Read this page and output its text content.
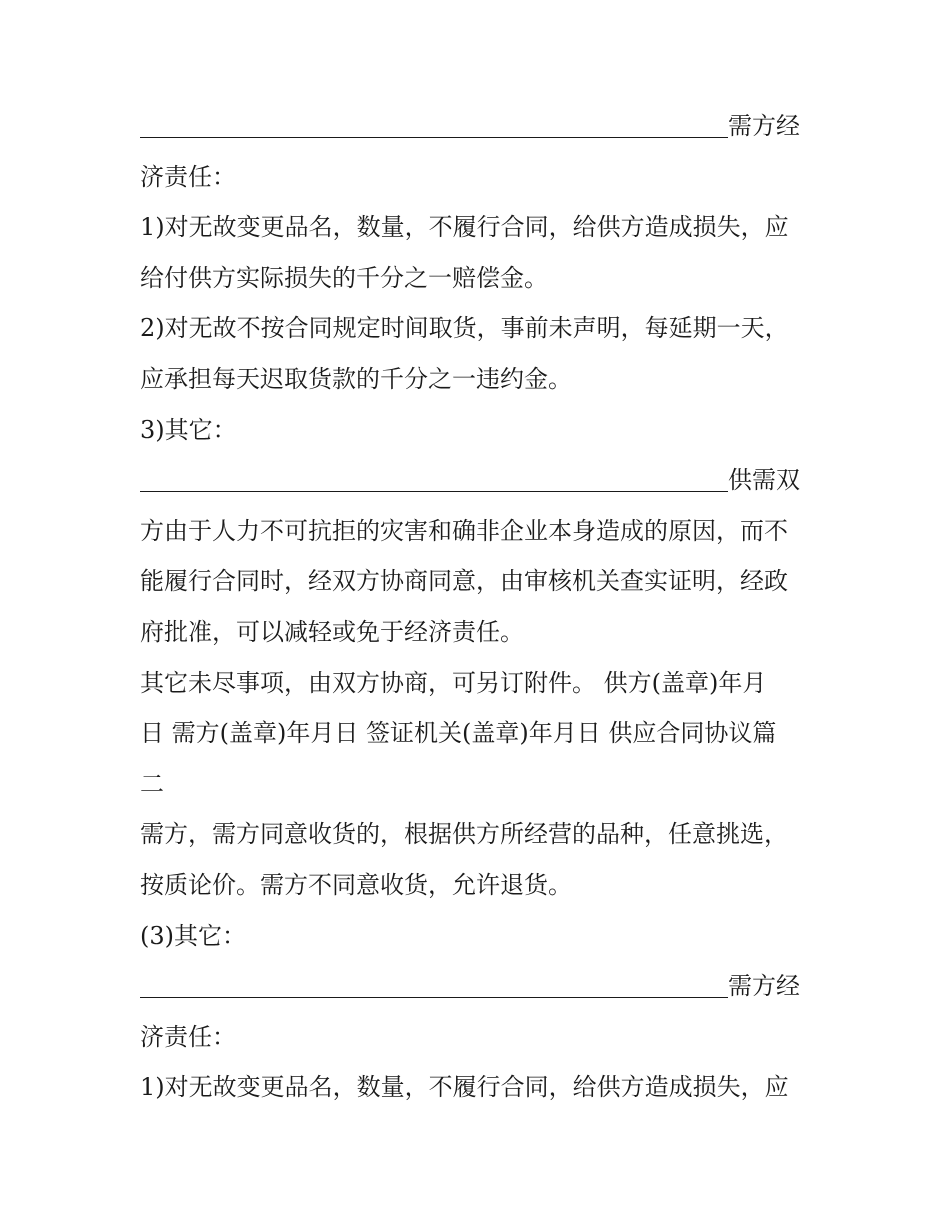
需方经
济责任：
1)对无故变更品名，数量，不履行合同，给供方造成损失，应
给付供方实际损失的千分之一赔偿金。
2)对无故不按合同规定时间取货，事前未声明，每延期一天，
应承担每天迟取货款的千分之一违约金。
3)其它：
供需双
方由于人力不可抗拒的灾害和确非企业本身造成的原因，而不
能履行合同时，经双方协商同意，由审核机关查实证明，经政
府批准，可以减轻或免于经济责任。
其它未尽事项，由双方协商，可另订附件。 供方(盖章)年月
日 需方(盖章)年月日 签证机关(盖章)年月日 供应合同协议篇
二
需方，需方同意收货的，根据供方所经营的品种，任意挑选，
按质论价。需方不同意收货，允许退货。
(3)其它：
需方经
济责任：
1)对无故变更品名，数量，不履行合同，给供方造成损失，应
